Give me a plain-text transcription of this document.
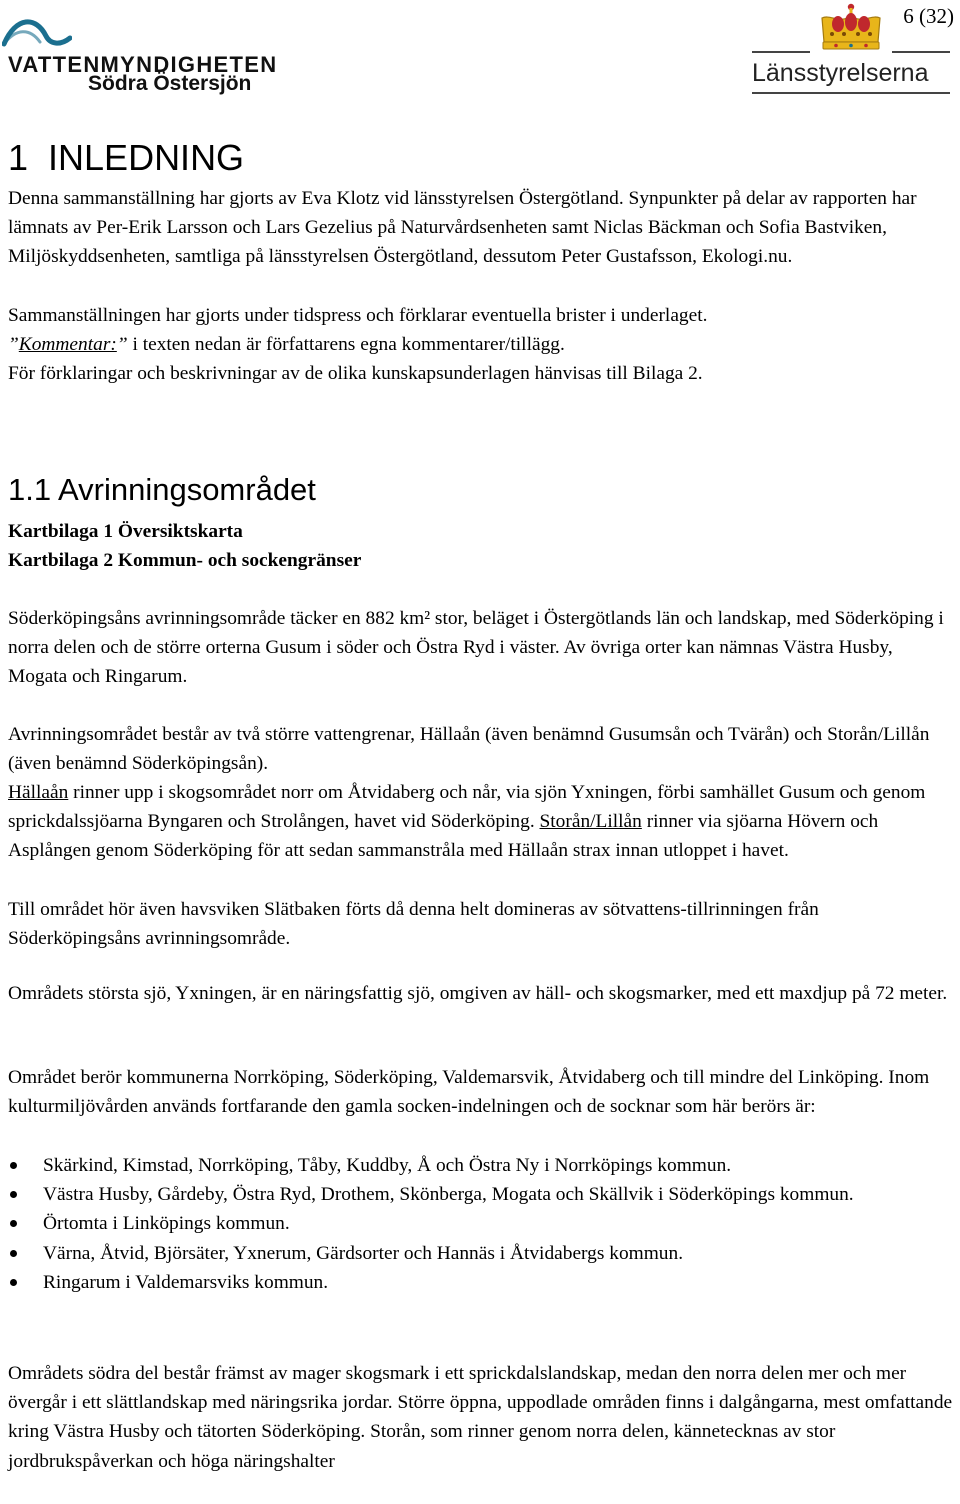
VATTENMYNDIGHETEN
Södra Östersjön
6 (32)
Länsstyrelserna
1 INLEDNING

Denna sammanställning har gjorts av Eva Klotz vid länsstyrelsen Östergötland. Synpunkter på delar av rapporten har lämnats av Per-Erik Larsson och Lars Gezelius på Naturvårdsenheten samt Niclas Bäckman och Sofia Bastviken, Miljöskyddsenheten, samtliga på länsstyrelsen Östergötland, dessutom Peter Gustafsson, Ekologi.nu.

Sammanställningen har gjorts under tidspress och förklarar eventuella brister i underlaget.

”Kommentar:” i texten nedan är författarens egna kommentarer/tillägg.

För förklaringar och beskrivningar av de olika kunskapsunderlagen hänvisas till Bilaga 2.

1.1 Avrinningsområdet

Kartbilaga 1 Översiktskarta
Kartbilaga 2 Kommun- och sockengränser

Söderköpingsåns avrinningsområde täcker en 882 km² stor, beläget i Östergötlands län och landskap, med Söderköping i norra delen och de större orterna Gusum i söder och Östra Ryd i väster. Av övriga orter kan nämnas Västra Husby, Mogata och Ringarum.

Avrinningsområdet består av två större vattengrenar, Hällaån (även benämnd Gusumsån och Tvärån) och Storån/Lillån (även benämnd Söderköpingsån).

Hällaån rinner upp i skogsområdet norr om Åtvidaberg och når, via sjön Yxningen, förbi samhället Gusum och genom sprickdalssjöarna Byngaren och Strolången, havet vid Söderköping. Storån/Lillån rinner via sjöarna Hövern och Asplången genom Söderköping för att sedan sammanstråla med Hällaån strax innan utloppet i havet.

Till området hör även havsviken Slätbaken förts då denna helt domineras av sötvattens-tillrinningen från Söderköpingsåns avrinningsområde.

Områdets största sjö, Yxningen, är en näringsfattig sjö, omgiven av häll- och skogsmarker, med ett maxdjup på 72 meter.

Området berör kommunerna Norrköping, Söderköping, Valdemarsvik, Åtvidaberg och till mindre del Linköping. Inom kulturmiljövården används fortfarande den gamla socken-indelningen och de socknar som här berörs är:

Skärkind, Kimstad, Norrköping, Tåby, Kuddby, Å och Östra Ny i Norrköpings kommun.
Västra Husby, Gårdeby, Östra Ryd, Drothem, Skönberga, Mogata och Skällvik i Söderköpings kommun.
Örtomta i Linköpings kommun.
Värna, Åtvid, Björsäter, Yxnerum, Gärdsorter och Hannäs i Åtvidabergs kommun.
Ringarum i Valdemarsviks kommun.

Områdets södra del består främst av mager skogsmark i ett sprickdalslandskap, medan den norra delen mer och mer övergår i ett slättlandskap med näringsrika jordar. Större öppna, uppodlade områden finns i dalgångarna, mest omfattande kring Västra Husby och tätorten Söderköping. Storån, som rinner genom norra delen, kännetecknas av stor jordbrukspåverkan och höga näringshalter
